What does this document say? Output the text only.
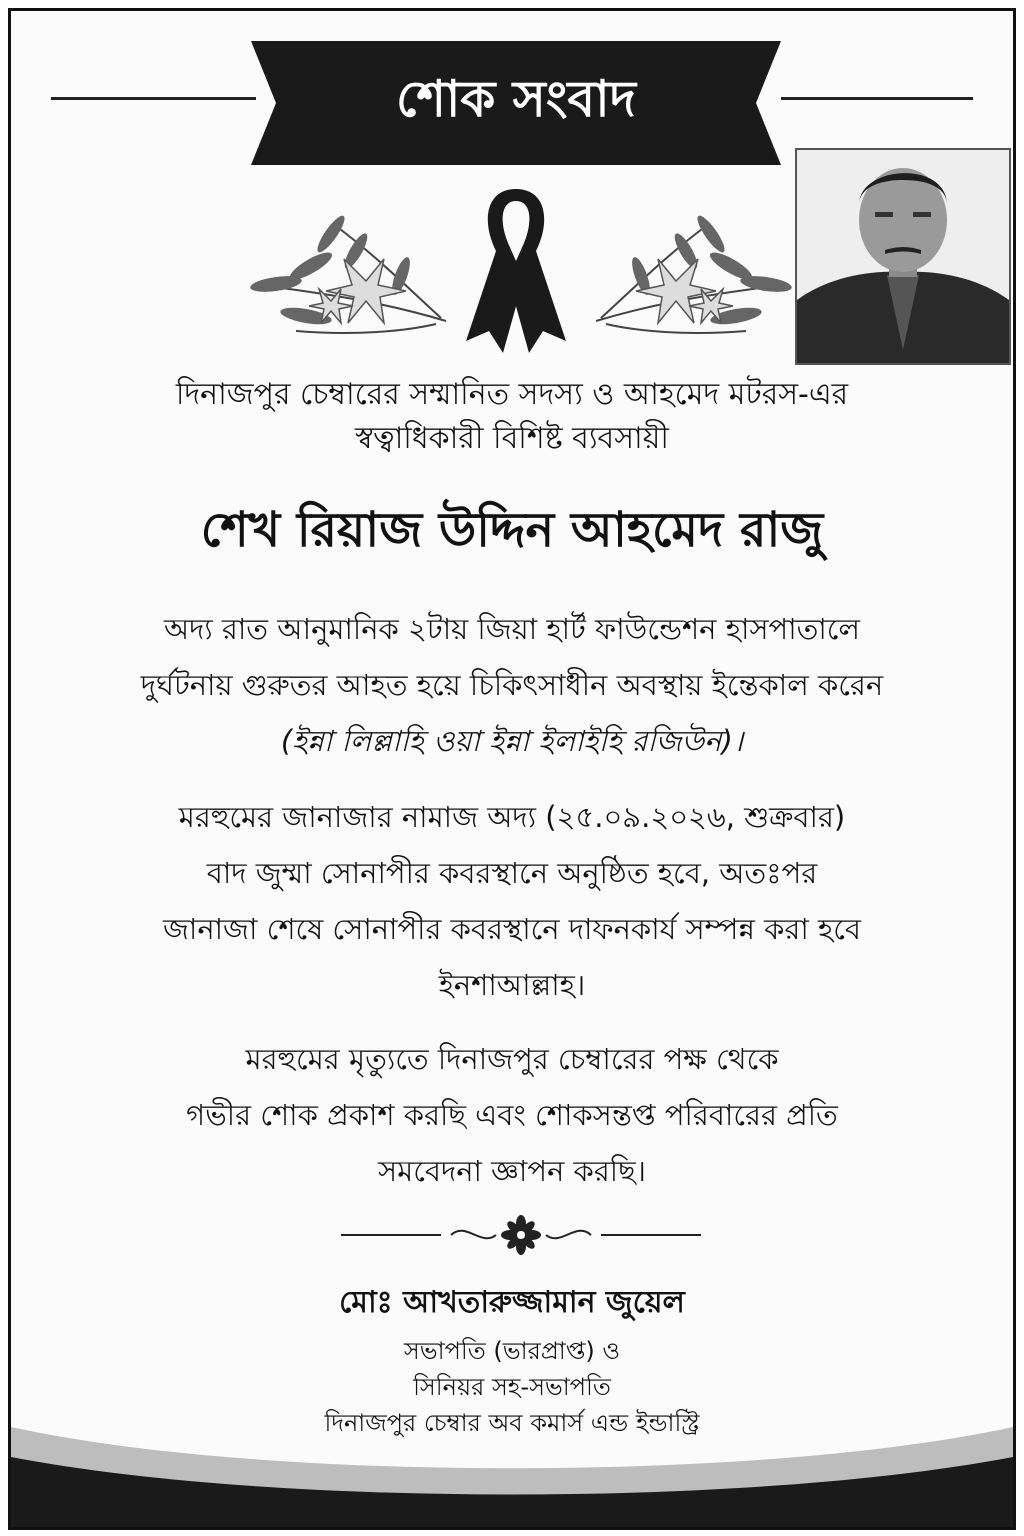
শোক সংবাদ
দিনাজপুর চেম্বারের সম্মানিত সদস্য ও আহমেদ মটরস-এর
স্বত্বাধিকারী বিশিষ্ট ব্যবসায়ী
শেখ রিয়াজ উদ্দিন আহমেদ রাজু
অদ্য রাত আনুমানিক ২টায় জিয়া হার্ট ফাউন্ডেশন হাসপাতালে
দুর্ঘটনায় গুরুতর আহত হয়ে চিকিৎসাধীন অবস্থায় ইন্তেকাল করেন
(ইন্না লিল্লাহি ওয়া ইন্না ইলাইহি রজিউন)।
মরহুমের জানাজার নামাজ অদ্য (২৫.০৯.২০২৬, শুক্রবার)
বাদ জুম্মা সোনাপীর কবরস্থানে অনুষ্ঠিত হবে, অতঃপর
জানাজা শেষে সোনাপীর কবরস্থানে দাফনকার্য সম্পন্ন করা হবে
ইনশাআল্লাহ।
মরহুমের মৃত্যুতে দিনাজপুর চেম্বারের পক্ষ থেকে
গভীর শোক প্রকাশ করছি এবং শোকসন্তপ্ত পরিবারের প্রতি
সমবেদনা জ্ঞাপন করছি।
মোঃ আখতারুজ্জামান জুয়েল
সভাপতি (ভারপ্রাপ্ত) ও
সিনিয়র সহ-সভাপতি
দিনাজপুর চেম্বার অব কমার্স এন্ড ইন্ডাস্ট্রি
